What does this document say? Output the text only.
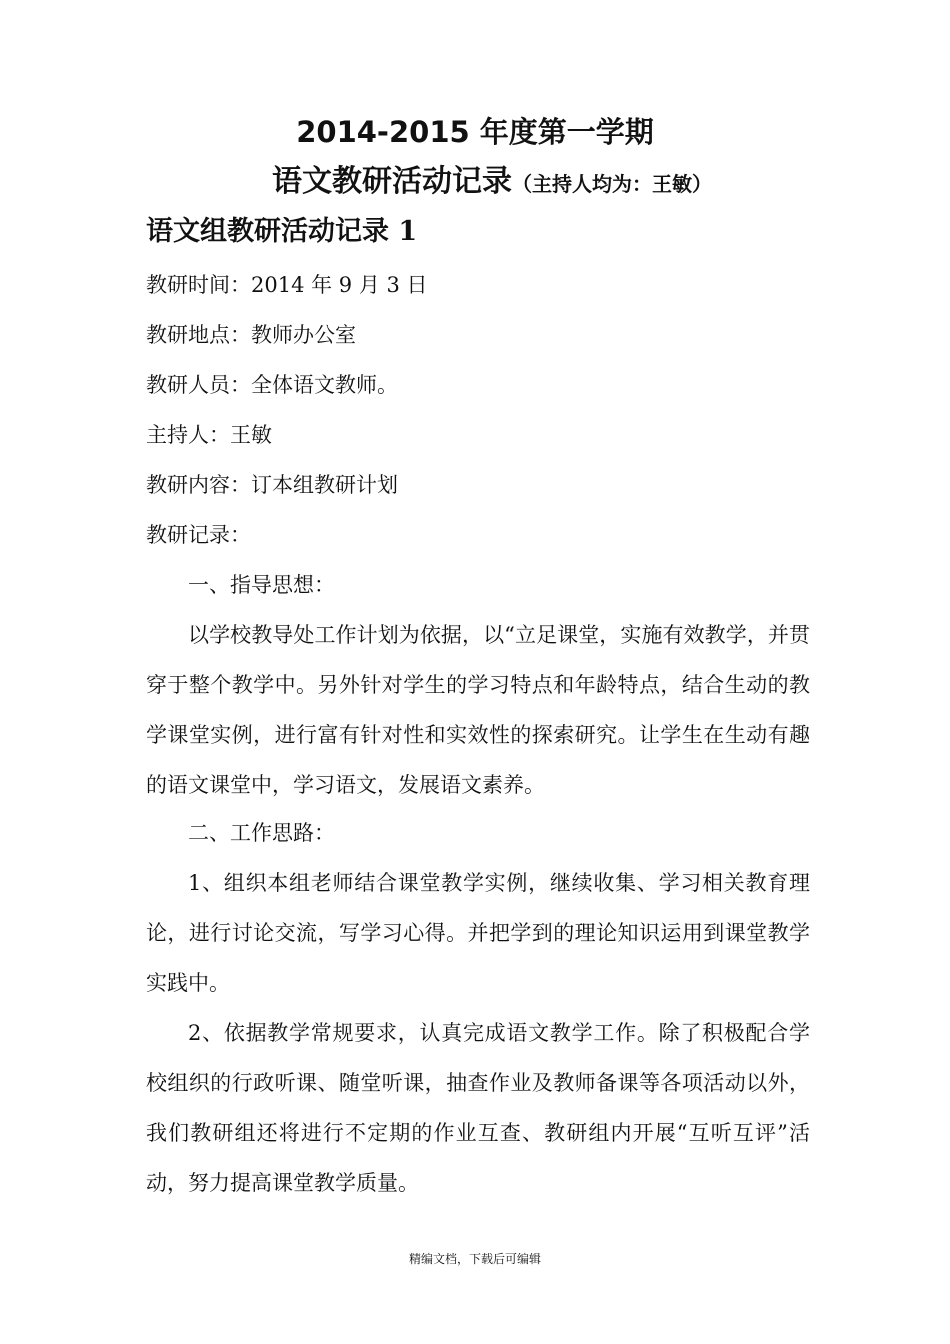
2014-2015 年度第一学期
语文教研活动记录（主持人均为：王敏）
语文组教研活动记录 1

教研时间：2014 年 9 月 3 日

教研地点：教师办公室

教研人员：全体语文教师。

主持人：王敏

教研内容：订本组教研计划

教研记录：

一、指导思想：

以学校教导处工作计划为依据，以“立足课堂，实施有效教学，并贯穿于整个教学中。另外针对学生的学习特点和年龄特点，结合生动的教学课堂实例，进行富有针对性和实效性的探索研究。让学生在生动有趣的语文课堂中，学习语文，发展语文素养。

二、工作思路：

1、组织本组老师结合课堂教学实例，继续收集、学习相关教育理论，进行讨论交流，写学习心得。并把学到的理论知识运用到课堂教学实践中。

2、依据教学常规要求，认真完成语文教学工作。除了积极配合学校组织的行政听课、随堂听课，抽查作业及教师备课等各项活动以外，我们教研组还将进行不定期的作业互查、教研组内开展“互听互评”活动，努力提高课堂教学质量。

精编文档，下载后可编辑
